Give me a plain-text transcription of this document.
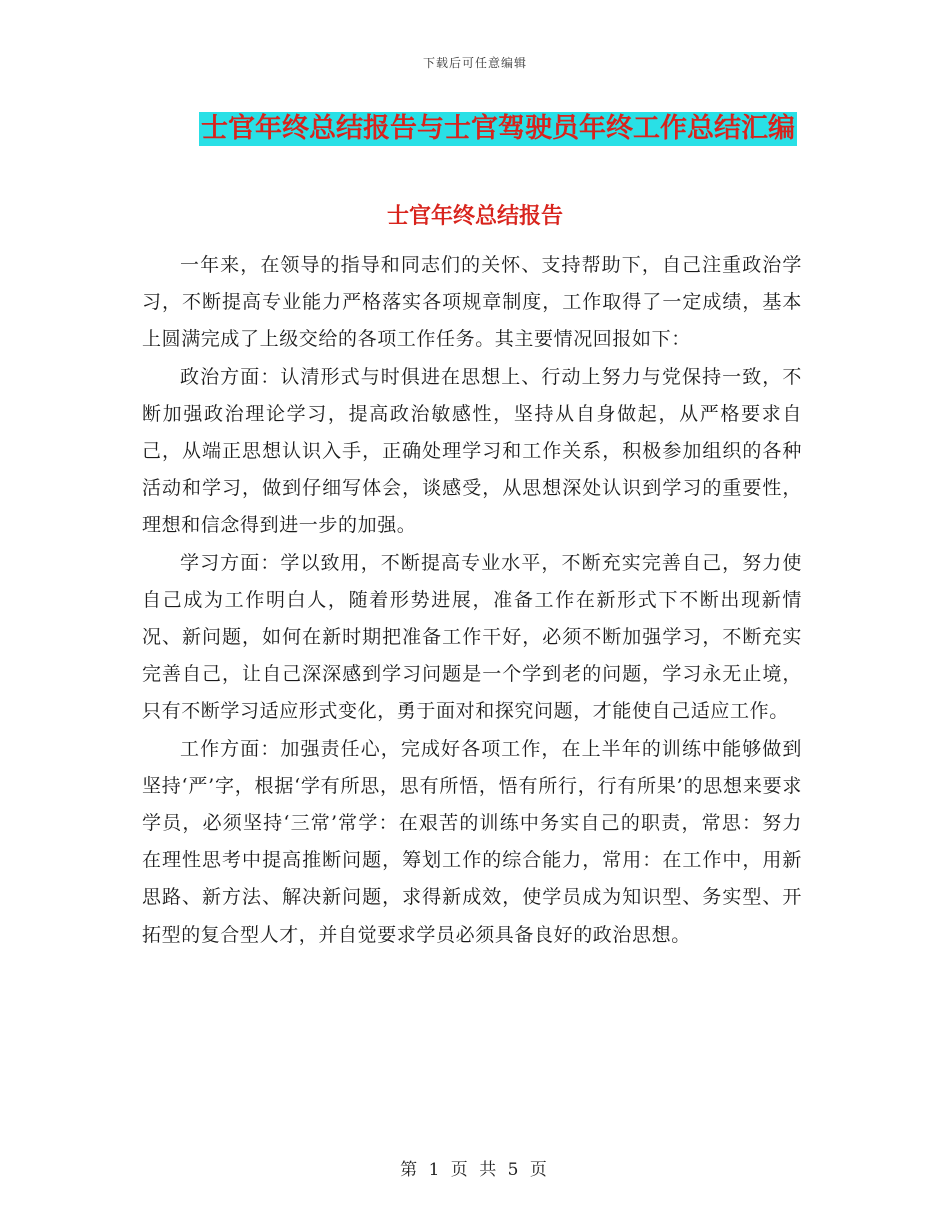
下载后可任意编辑
士官年终总结报告与士官驾驶员年终工作总结汇编
士官年终总结报告

一年来，在领导的指导和同志们的关怀、支持帮助下，自己注重政治学习，不断提高专业能力严格落实各项规章制度，工作取得了一定成绩，基本上圆满完成了上级交给的各项工作任务。其主要情况回报如下：

政治方面：认清形式与时俱进在思想上、行动上努力与党保持一致，不断加强政治理论学习，提高政治敏感性，坚持从自身做起，从严格要求自己，从端正思想认识入手，正确处理学习和工作关系，积极参加组织的各种活动和学习，做到仔细写体会，谈感受，从思想深处认识到学习的重要性，理想和信念得到进一步的加强。

学习方面：学以致用，不断提高专业水平，不断充实完善自己，努力使自己成为工作明白人，随着形势进展，准备工作在新形式下不断出现新情况、新问题，如何在新时期把准备工作干好，必须不断加强学习，不断充实完善自己，让自己深深感到学习问题是一个学到老的问题，学习永无止境，只有不断学习适应形式变化，勇于面对和探究问题，才能使自己适应工作。

工作方面：加强责任心，完成好各项工作，在上半年的训练中能够做到坚持‘严’字，根据‘学有所思，思有所悟，悟有所行，行有所果’的思想来要求学员，必须坚持‘三常’常学：在艰苦的训练中务实自己的职责，常思：努力在理性思考中提高推断问题，筹划工作的综合能力，常用：在工作中，用新思路、新方法、解决新问题，求得新成效，使学员成为知识型、务实型、开拓型的复合型人才，并自觉要求学员必须具备良好的政治思想。

第 1 页 共 5 页
